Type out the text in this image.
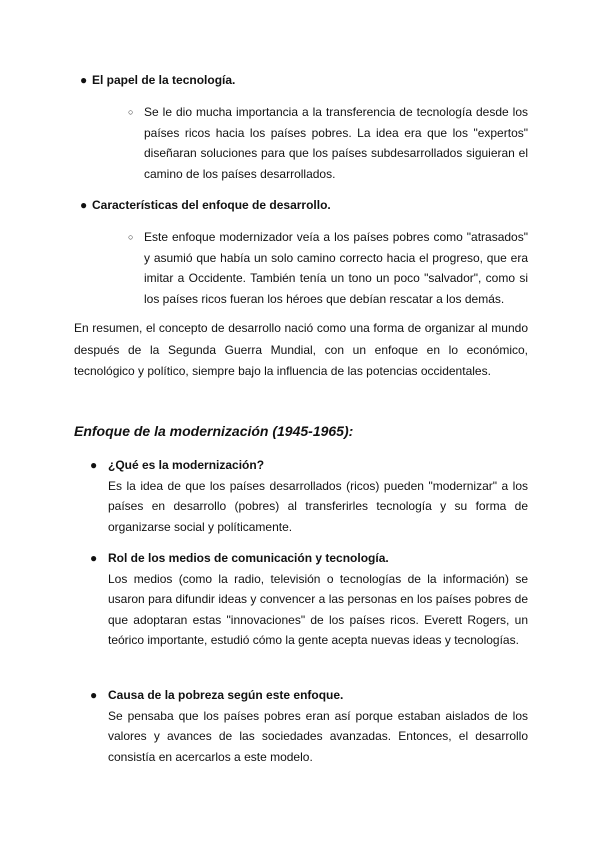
● El papel de la tecnología.
○ Se le dio mucha importancia a la transferencia de tecnología desde los países ricos hacia los países pobres. La idea era que los "expertos" diseñaran soluciones para que los países subdesarrollados siguieran el camino de los países desarrollados.
● Características del enfoque de desarrollo.
○ Este enfoque modernizador veía a los países pobres como "atrasados" y asumió que había un solo camino correcto hacia el progreso, que era imitar a Occidente. También tenía un tono un poco "salvador", como si los países ricos fueran los héroes que debían rescatar a los demás.
En resumen, el concepto de desarrollo nació como una forma de organizar al mundo después de la Segunda Guerra Mundial, con un enfoque en lo económico, tecnológico y político, siempre bajo la influencia de las potencias occidentales.
Enfoque de la modernización (1945-1965):
● ¿Qué es la modernización?
Es la idea de que los países desarrollados (ricos) pueden "modernizar" a los países en desarrollo (pobres) al transferirles tecnología y su forma de organizarse social y políticamente.
● Rol de los medios de comunicación y tecnología.
Los medios (como la radio, televisión o tecnologías de la información) se usaron para difundir ideas y convencer a las personas en los países pobres de que adoptaran estas "innovaciones" de los países ricos. Everett Rogers, un teórico importante, estudió cómo la gente acepta nuevas ideas y tecnologías.
● Causa de la pobreza según este enfoque.
Se pensaba que los países pobres eran así porque estaban aislados de los valores y avances de las sociedades avanzadas. Entonces, el desarrollo consistía en acercarlos a este modelo.
